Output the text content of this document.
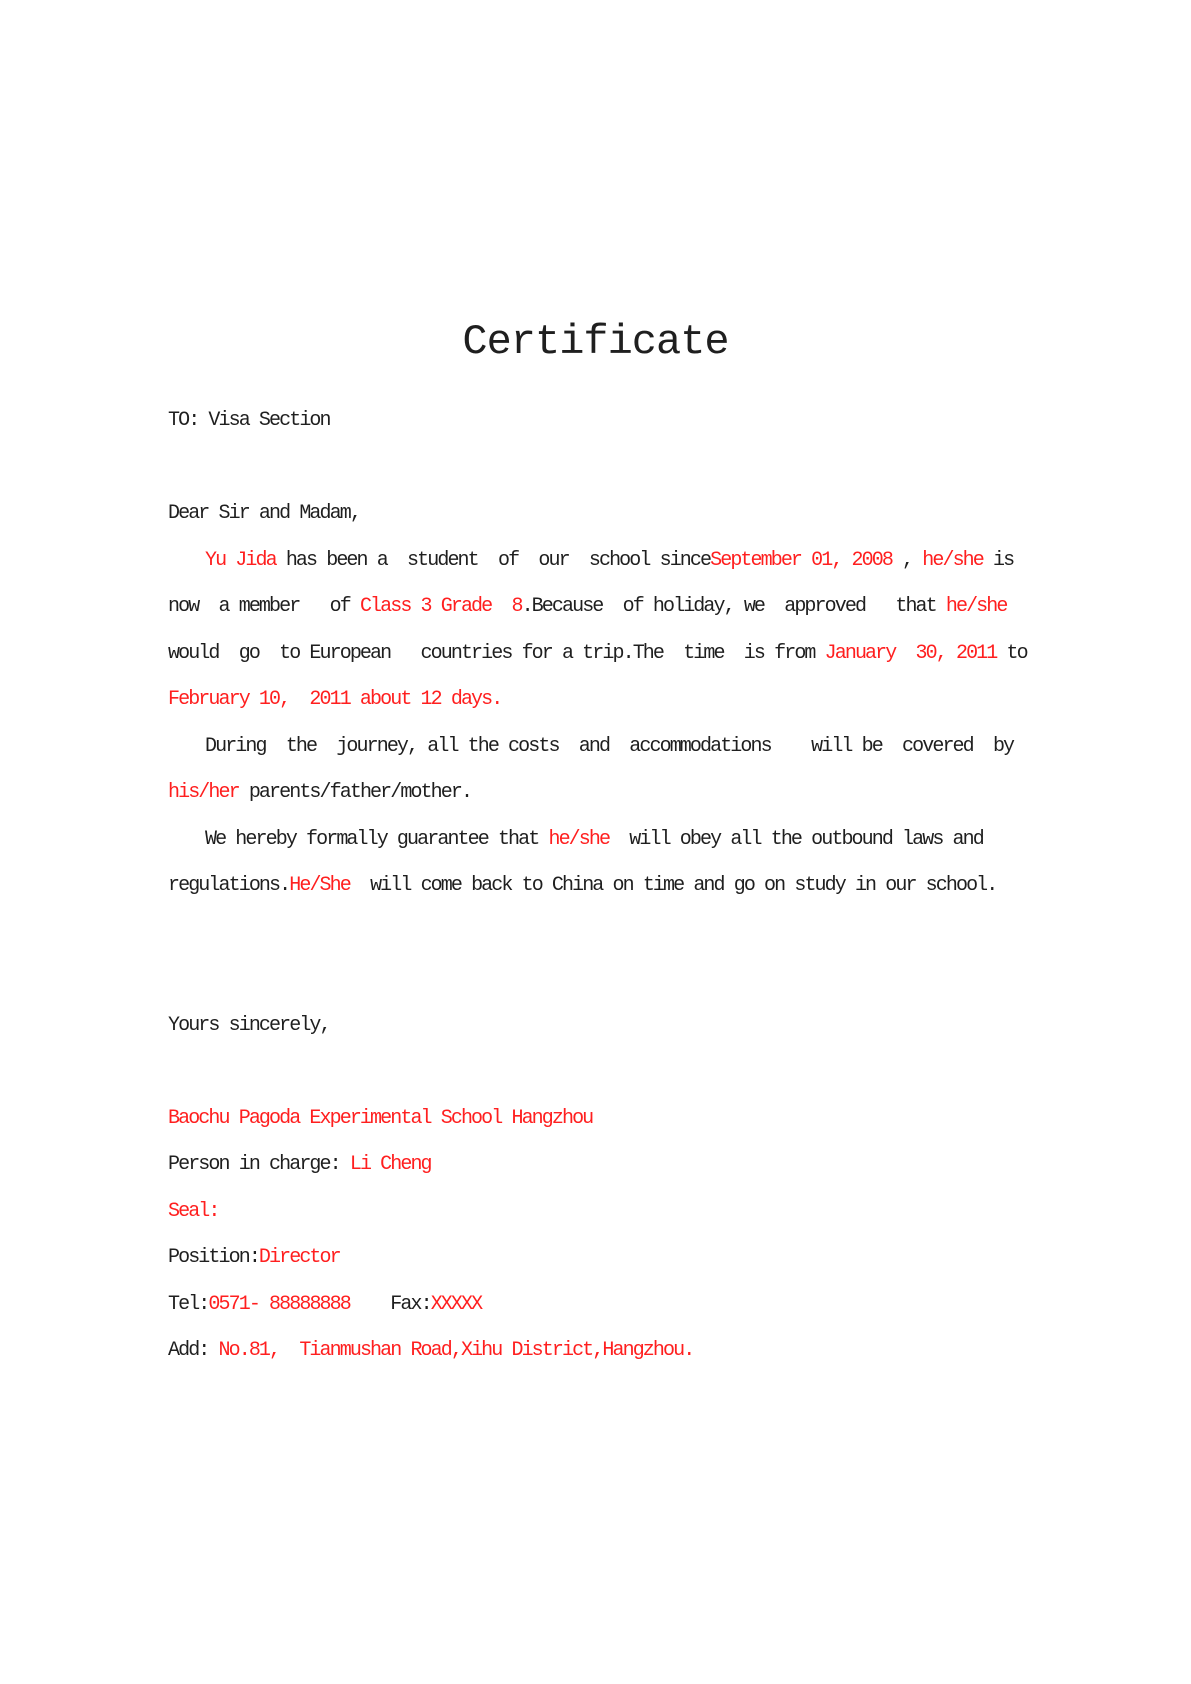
Certificate
TO: Visa Section
Dear Sir and Madam,
Yu Jida has been a  student  of  our  school sinceSeptember 01, 2008 , he/she is
now  a member   of Class 3 Grade  8.Because  of holiday, we  approved   that he/she
would  go  to European   countries for a trip.The  time  is from January  30, 2011 to
February 10,  2011 about 12 days.
During  the  journey, all the costs  and  accommodations    will be  covered  by
his/her parents/father/mother.
We hereby formally guarantee that he/she  will obey all the outbound laws and
regulations.He/She  will come back to China on time and go on study in our school.
Yours sincerely,
Baochu Pagoda Experimental School Hangzhou
Person in charge: Li Cheng
Seal:
Position:Director
Tel:0571- 88888888    Fax:XXXXX
Add: No.81,  Tianmushan Road,Xihu District,Hangzhou.
